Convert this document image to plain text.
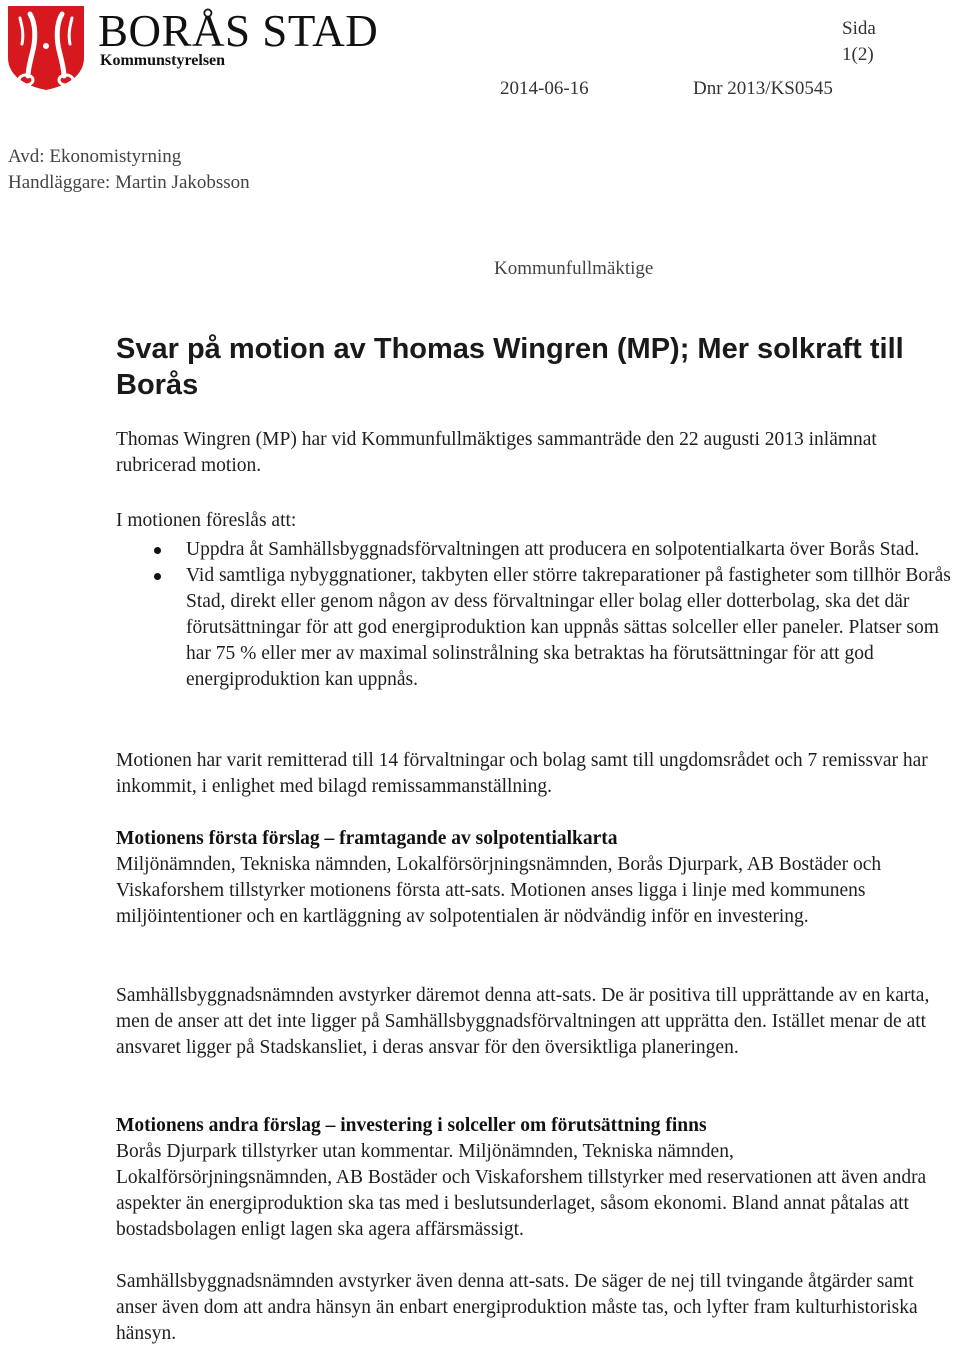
BORÅS STAD
Kommunstyrelsen
Sida
1(2)
2014-06-16	Dnr 2013/KS0545
Avd: Ekonomistyrning
Handläggare: Martin Jakobsson
Kommunfullmäktige
Svar på motion av Thomas Wingren (MP); Mer solkraft till Borås
Thomas Wingren (MP) har vid Kommunfullmäktiges sammanträde den 22 augusti 2013 inlämnat rubricerad motion.
I motionen föreslås att:
Uppdra åt Samhällsbyggnadsförvaltningen att producera en solpotentialkarta över Borås Stad.
Vid samtliga nybyggnationer, takbyten eller större takreparationer på fastigheter som tillhör Borås Stad, direkt eller genom någon av dess förvaltningar eller bolag eller dotterbolag, ska det där förutsättningar för att god energiproduktion kan uppnås sättas solceller eller paneler. Platser som har 75 % eller mer av maximal solinstrålning ska betraktas ha förutsättningar för att god energiproduktion kan uppnås.
Motionen har varit remitterad till 14 förvaltningar och bolag samt till ungdomsrådet och 7 remissvar har inkommit, i enlighet med bilagd remissammanställning.
Motionens första förslag – framtagande av solpotentialkarta
Miljönämnden, Tekniska nämnden, Lokalförsörjningsnämnden, Borås Djurpark, AB Bostäder och Viskaforshem tillstyrker motionens första att-sats. Motionen anses ligga i linje med kommunens miljöintentioner och en kartläggning av solpotentialen är nödvändig inför en investering.
Samhällsbyggnadsnämnden avstyrker däremot denna att-sats. De är positiva till upprättande av en karta, men de anser att det inte ligger på Samhällsbyggnadsförvaltningen att upprätta den. Istället menar de att ansvaret ligger på Stadskansliet, i deras ansvar för den översiktliga planeringen.
Motionens andra förslag – investering i solceller om förutsättning finns
Borås Djurpark tillstyrker utan kommentar. Miljönämnden, Tekniska nämnden, Lokalförsörjningsnämnden, AB Bostäder och Viskaforshem tillstyrker med reservationen att även andra aspekter än energiproduktion ska tas med i beslutsunderlaget, såsom ekonomi. Bland annat påtalas att bostadsbolagen enligt lagen ska agera affärsmässigt.
Samhällsbyggnadsnämnden avstyrker även denna att-sats. De säger de nej till tvingande åtgärder samt anser även dom att andra hänsyn än enbart energiproduktion måste tas, och lyfter fram kulturhistoriska hänsyn.
